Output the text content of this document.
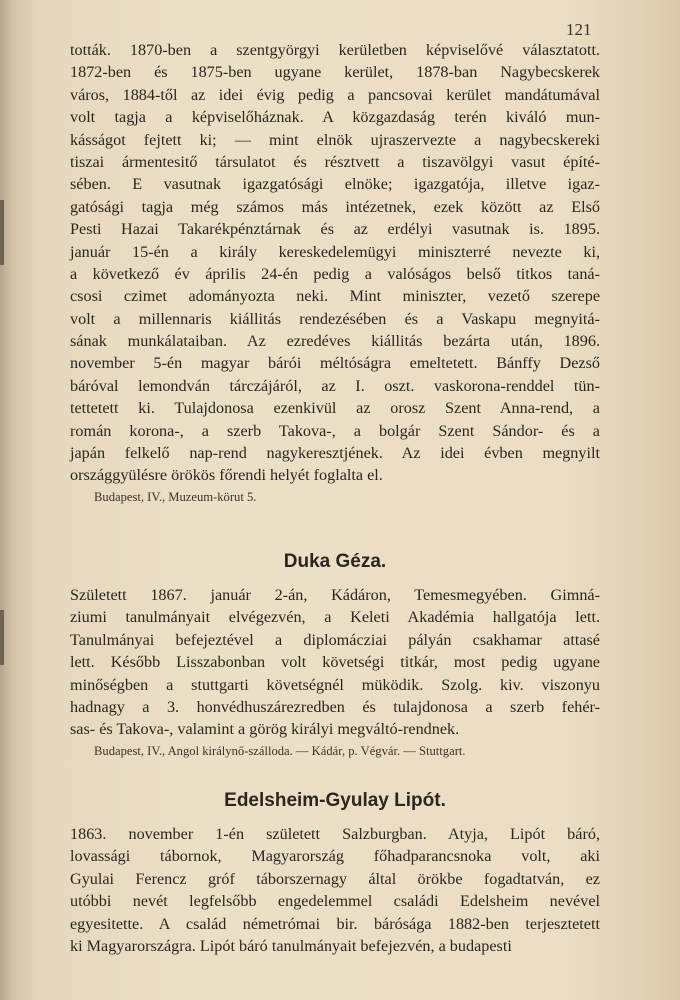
121
tották. 1870-ben a szentgyörgyi kerületben képviselővé választatott.
1872-ben és 1875-ben ugyane kerület, 1878-ban Nagybecskerek
város, 1884-től az idei évig pedig a pancsovai kerület mandátumával
volt tagja a képviselőháznak. A közgazdaság terén kiváló mun-
kásságot fejtett ki; — mint elnök ujraszervezte a nagybecskereki
tiszai ármentesitő társulatot és résztvett a tiszavölgyi vasut építé-
sében. E vasutnak igazgatósági elnöke; igazgatója, illetve igaz-
gatósági tagja még számos más intézetnek, ezek között az Első
Pesti Hazai Takarékpénztárnak és az erdélyi vasutnak is. 1895.
január 15-én a király kereskedelemügyi miniszterré nevezte ki,
a következő év április 24-én pedig a valóságos belső titkos taná-
csosi czimet adományozta neki. Mint miniszter, vezető szerepe
volt a millennaris kiállitás rendezésében és a Vaskapu megnyitá-
sának munkálataiban. Az ezredéves kiállitás bezárta után, 1896.
november 5-én magyar bárói méltóságra emeltetett. Bánffy Dezső
báróval lemondván tárczájáról, az I. oszt. vaskorona-renddel tün-
tettetett ki. Tulajdonosa ezenkivül az orosz Szent Anna-rend, a
román korona-, a szerb Takova-, a bolgár Szent Sándor- és a
japán felkelő nap-rend nagykeresztjének. Az idei évben megnyilt
országgyülésre örökös főrendi helyét foglalta el.
Budapest, IV., Muzeum-körut 5.
Duka Géza.
Született 1867. január 2-án, Kádáron, Temesmegyében. Gimná-
ziumi tanulmányait elvégezvén, a Keleti Akadémia hallgatója lett.
Tanulmányai befejeztével a diplomácziai pályán csakhamar attasé
lett. Később Lisszabonban volt követségi titkár, most pedig ugyane
minőségben a stuttgarti követségnél müködik. Szolg. kiv. viszonyu
hadnagy a 3. honvédhuszárezredben és tulajdonosa a szerb fehér-
sas- és Takova-, valamint a görög királyi megváltó-rendnek.
Budapest, IV., Angol királynő-szálloda. — Kádár, p. Végvár. — Stuttgart.
Edelsheim-Gyulay Lipót.
1863. november 1-én született Salzburgban. Atyja, Lipót báró,
lovassági tábornok, Magyarország főhadparancsnoka volt, aki
Gyulai Ferencz gróf táborszernagy által örökbe fogadtatván, ez
utóbbi nevét legfelsőbb engedelemmel családi Edelsheim nevével
egyesitette. A család németrómai bir. bárósága 1882-ben terjesztetett
ki Magyarországra. Lipót báró tanulmányait befejezvén, a budapesti
